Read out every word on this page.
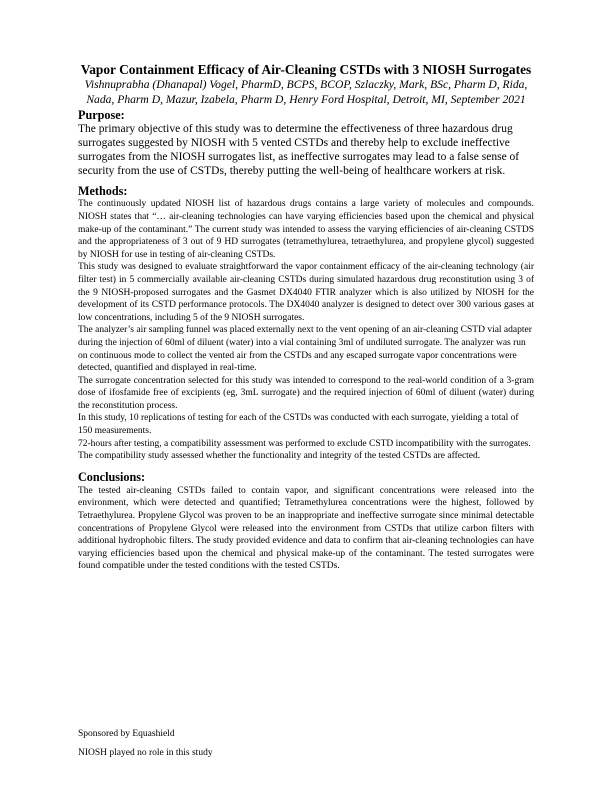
Vapor Containment Efficacy of Air-Cleaning CSTDs with 3 NIOSH Surrogates

Vishnuprabha (Dhanapal) Vogel, PharmD, BCPS, BCOP, Szlaczky, Mark, BSc, Pharm D, Rida, Nada, Pharm D, Mazur, Izabela, Pharm D, Henry Ford Hospital, Detroit, MI, September 2021

Purpose:

The primary objective of this study was to determine the effectiveness of three hazardous drug surrogates suggested by NIOSH with 5 vented CSTDs and thereby help to exclude ineffective surrogates from the NIOSH surrogates list, as ineffective surrogates may lead to a false sense of security from the use of CSTDs, thereby putting the well-being of healthcare workers at risk.

Methods:

The continuously updated NIOSH list of hazardous drugs contains a large variety of molecules and compounds. NIOSH states that “… air-cleaning technologies can have varying efficiencies based upon the chemical and physical make-up of the contaminant.” The current study was intended to assess the varying efficiencies of air-cleaning CSTDS and the appropriateness of 3 out of 9 HD surrogates (tetramethylurea, tetraethylurea, and propylene glycol) suggested by NIOSH for use in testing of air-cleaning CSTDs.

This study was designed to evaluate straightforward the vapor containment efficacy of the air-cleaning technology (air filter test) in 5 commercially available air-cleaning CSTDs during simulated hazardous drug reconstitution using 3 of the 9 NIOSH-proposed surrogates and the Gasmet DX4040 FTIR analyzer which is also utilized by NIOSH for the development of its CSTD performance protocols. The DX4040 analyzer is designed to detect over 300 various gases at low concentrations, including 5 of the 9 NIOSH surrogates.

The analyzer’s air sampling funnel was placed externally next to the vent opening of an air-cleaning CSTD vial adapter during the injection of 60ml of diluent (water) into a vial containing 3ml of undiluted surrogate. The analyzer was run on continuous mode to collect the vented air from the CSTDs and any escaped surrogate vapor concentrations were detected, quantified and displayed in real-time.

The surrogate concentration selected for this study was intended to correspond to the real-world condition of a 3-gram dose of ifosfamide free of excipients (eg, 3mL surrogate) and the required injection of 60ml of diluent (water) during the reconstitution process.

In this study, 10 replications of testing for each of the CSTDs was conducted with each surrogate, yielding a total of 150 measurements.

72-hours after testing, a compatibility assessment was performed to exclude CSTD incompatibility with the surrogates. The compatibility study assessed whether the functionality and integrity of the tested CSTDs are affected.

Conclusions:

The tested air-cleaning CSTDs failed to contain vapor, and significant concentrations were released into the environment, which were detected and quantified; Tetramethylurea concentrations were the highest, followed by Tetraethylurea. Propylene Glycol was proven to be an inappropriate and ineffective surrogate since minimal detectable concentrations of Propylene Glycol were released into the environment from CSTDs that utilize carbon filters with additional hydrophobic filters. The study provided evidence and data to confirm that air-cleaning technologies can have varying efficiencies based upon the chemical and physical make-up of the contaminant. The tested surrogates were found compatible under the tested conditions with the tested CSTDs.

Sponsored by Equashield

NIOSH played no role in this study
